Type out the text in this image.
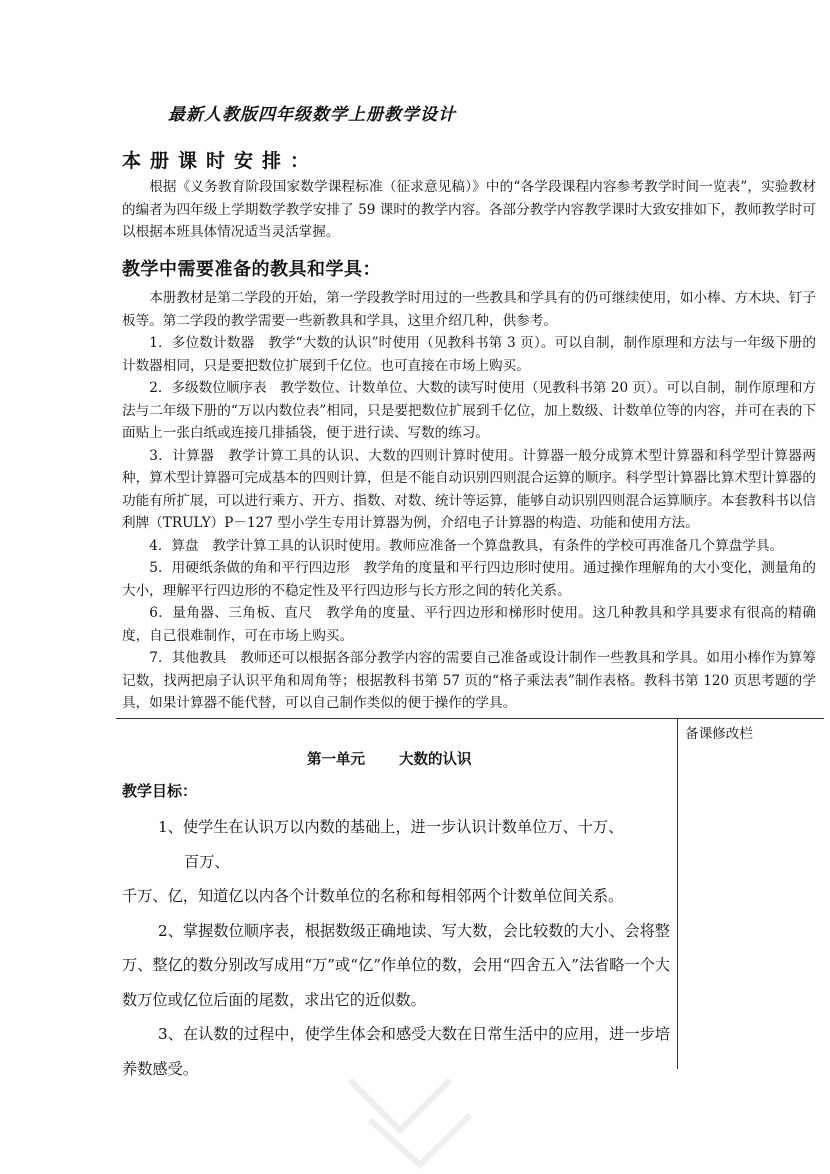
最新人教版四年级数学上册教学设计
本册课时安排：

根据《义务教育阶段国家数学课程标准（征求意见稿）》中的“各学段课程内容参考教学时间一览表”，实验教材的编者为四年级上学期数学教学安排了 59 课时的教学内容。各部分教学内容教学课时大致安排如下，教师教学时可以根据本班具体情况适当灵活掌握。

教学中需要准备的教具和学具：

本册教材是第二学段的开始，第一学段教学时用过的一些教具和学具有的仍可继续使用，如小棒、方木块、钉子板等。第二学段的教学需要一些新教具和学具，这里介绍几种，供参考。

1．多位数计数器　教学“大数的认识”时使用（见教科书第 3 页）。可以自制，制作原理和方法与一年级下册的计数器相同，只是要把数位扩展到千亿位。也可直接在市场上购买。

2．多级数位顺序表　教学数位、计数单位、大数的读写时使用（见教科书第 20 页）。可以自制，制作原理和方法与二年级下册的“万以内数位表”相同，只是要把数位扩展到千亿位，加上数级、计数单位等的内容，并可在表的下面贴上一张白纸或连接几排插袋，便于进行读、写数的练习。

3．计算器　教学计算工具的认识、大数的四则计算时使用。计算器一般分成算术型计算器和科学型计算器两种，算术型计算器可完成基本的四则计算，但是不能自动识别四则混合运算的顺序。科学型计算器比算术型计算器的功能有所扩展，可以进行乘方、开方、指数、对数、统计等运算，能够自动识别四则混合运算顺序。本套教科书以信利牌（TRULY）P－127 型小学生专用计算器为例，介绍电子计算器的构造、功能和使用方法。

4．算盘　教学计算工具的认识时使用。教师应准备一个算盘教具，有条件的学校可再准备几个算盘学具。

5．用硬纸条做的角和平行四边形　教学角的度量和平行四边形时使用。通过操作理解角的大小变化，测量角的大小，理解平行四边形的不稳定性及平行四边形与长方形之间的转化关系。

6．量角器、三角板、直尺　教学角的度量、平行四边形和梯形时使用。这几种教具和学具要求有很高的精确度，自己很难制作，可在市场上购买。

7．其他教具　教师还可以根据各部分教学内容的需要自己准备或设计制作一些教具和学具。如用小棒作为算筹记数，找两把扇子认识平角和周角等；根据教科书第 57 页的“格子乘法表”制作表格。教科书第 120 页思考题的学具，如果计算器不能代替，可以自己制作类似的便于操作的学具。

备课修改栏
第一单元 大数的认识
教学目标：

1、使学生在认识万以内数的基础上，进一步认识计数单位万、十万、

百万、

千万、亿，知道亿以内各个计数单位的名称和每相邻两个计数单位间关系。

2、掌握数位顺序表，根据数级正确地读、写大数，会比较数的大小、会将整万、整亿的数分别改写成用“万”或“亿”作单位的数，会用“四舍五入”法省略一个大数万位或亿位后面的尾数，求出它的近似数。

3、在认数的过程中，使学生体会和感受大数在日常生活中的应用，进一步培养数感受。
